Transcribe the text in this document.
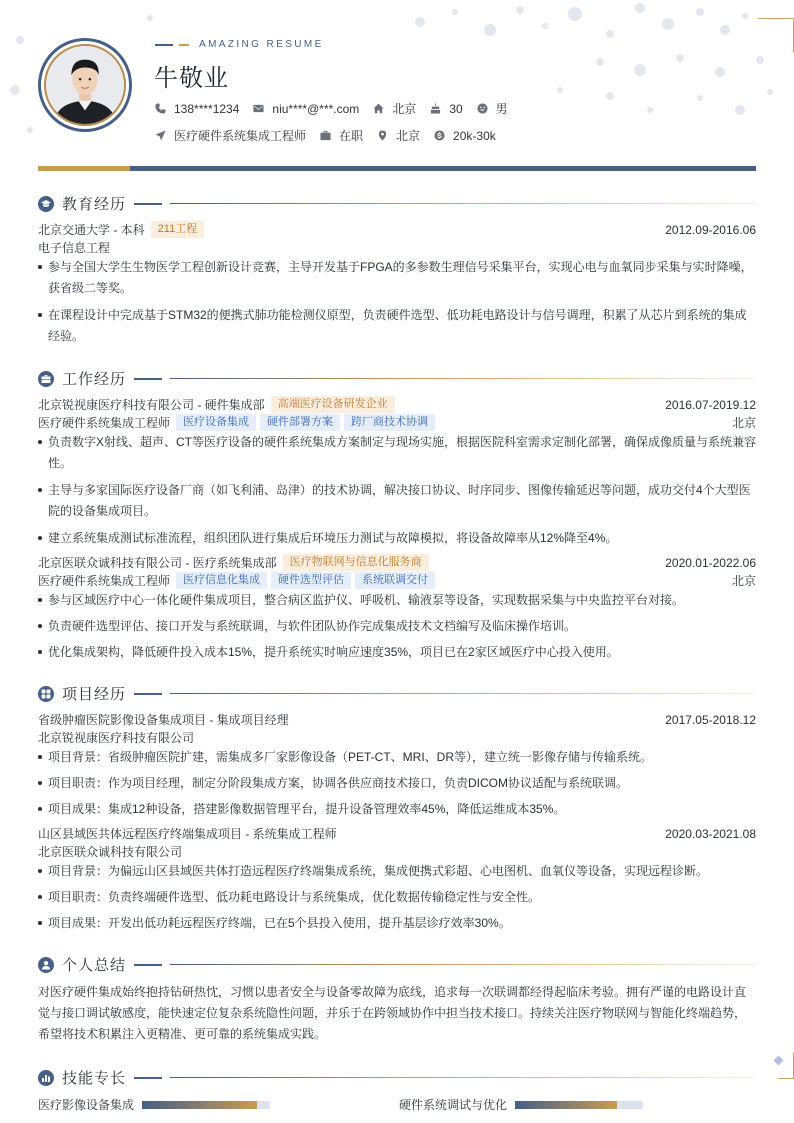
AMAZING RESUME
牛敬业
138****1234	niu****@***.com	北京	30	男
医疗硬件系统集成工程师	在职	北京	20k-30k
教育经历
北京交通大学 - 本科	211工程	2012.09-2016.06
电子信息工程
参与全国大学生生物医学工程创新设计竞赛，主导开发基于FPGA的多参数生理信号采集平台，实现心电与血氧同步采集与实时降噪，获省级二等奖。
在课程设计中完成基于STM32的便携式肺功能检测仪原型，负责硬件选型、低功耗电路设计与信号调理，积累了从芯片到系统的集成经验。
工作经历
北京锐视康医疗科技有限公司 - 硬件集成部	高端医疗设备研发企业	2016.07-2019.12
医疗硬件系统集成工程师	医疗设备集成	硬件部署方案	跨厂商技术协调	北京
负责数字X射线、超声、CT等医疗设备的硬件系统集成方案制定与现场实施，根据医院科室需求定制化部署，确保成像质量与系统兼容性。
主导与多家国际医疗设备厂商（如飞利浦、岛津）的技术协调，解决接口协议、时序同步、图像传输延迟等问题，成功交付4个大型医院的设备集成项目。
建立系统集成测试标准流程，组织团队进行集成后环境压力测试与故障模拟，将设备故障率从12%降至4%。
北京医联众诚科技有限公司 - 医疗系统集成部	医疗物联网与信息化服务商	2020.01-2022.06
医疗硬件系统集成工程师	医疗信息化集成	硬件选型评估	系统联调交付	北京
参与区域医疗中心一体化硬件集成项目，整合病区监护仪、呼吸机、输液泵等设备，实现数据采集与中央监控平台对接。
负责硬件选型评估、接口开发与系统联调，与软件团队协作完成集成技术文档编写及临床操作培训。
优化集成架构，降低硬件投入成本15%，提升系统实时响应速度35%，项目已在2家区域医疗中心投入使用。
项目经历
省级肿瘤医院影像设备集成项目 - 集成项目经理	2017.05-2018.12
北京锐视康医疗科技有限公司
项目背景：省级肿瘤医院扩建，需集成多厂家影像设备（PET-CT、MRI、DR等），建立统一影像存储与传输系统。
项目职责：作为项目经理，制定分阶段集成方案，协调各供应商技术接口，负责DICOM协议适配与系统联调。
项目成果：集成12种设备，搭建影像数据管理平台，提升设备管理效率45%，降低运维成本35%。
山区县域医共体远程医疗终端集成项目 - 系统集成工程师	2020.03-2021.08
北京医联众诚科技有限公司
项目背景：为偏远山区县域医共体打造远程医疗终端集成系统，集成便携式彩超、心电图机、血氧仪等设备，实现远程诊断。
项目职责：负责终端硬件选型、低功耗电路设计与系统集成，优化数据传输稳定性与安全性。
项目成果：开发出低功耗远程医疗终端，已在5个县投入使用，提升基层诊疗效率30%。
个人总结
对医疗硬件集成始终抱持钻研热忱，习惯以患者安全与设备零故障为底线，追求每一次联调都经得起临床考验。拥有严谨的电路设计直觉与接口调试敏感度，能快速定位复杂系统隐性问题，并乐于在跨领域协作中担当技术接口。持续关注医疗物联网与智能化终端趋势，希望将技术积累注入更精准、更可靠的系统集成实践。
技能专长
医疗影像设备集成	硬件系统调试与优化
